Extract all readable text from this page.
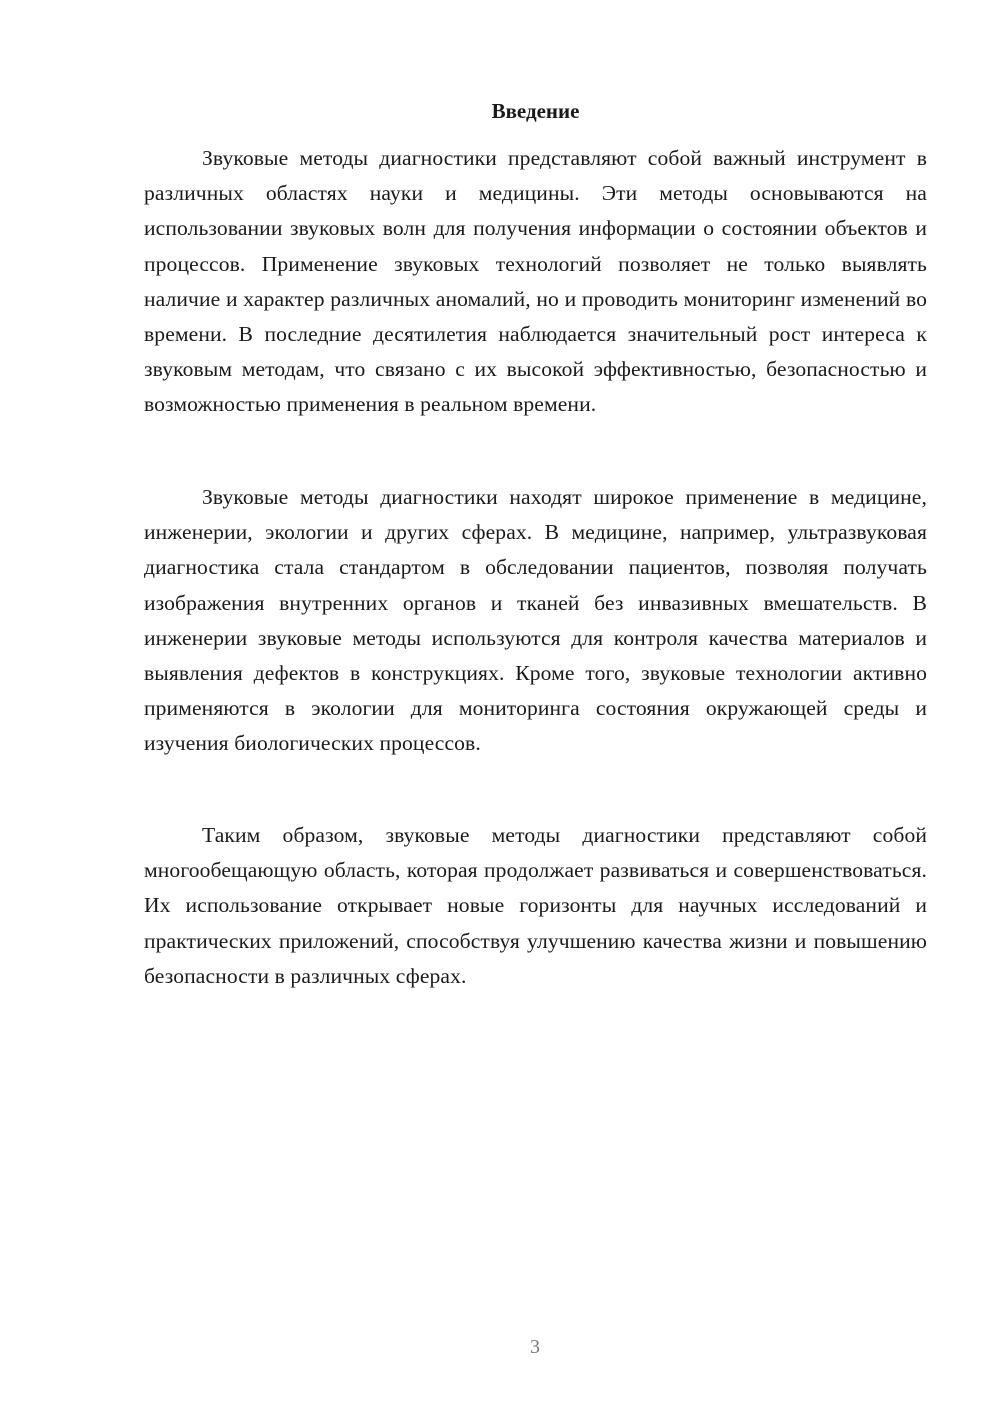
Введение

Звуковые методы диагностики представляют собой важный инструмент в различных областях науки и медицины. Эти методы основываются на использовании звуковых волн для получения информации о состоянии объектов и процессов. Применение звуковых технологий позволяет не только выявлять наличие и характер различных аномалий, но и проводить мониторинг изменений во времени. В последние десятилетия наблюдается значительный рост интереса к звуковым методам, что связано с их высокой эффективностью, безопасностью и возможностью применения в реальном времени.

Звуковые методы диагностики находят широкое применение в медицине, инженерии, экологии и других сферах. В медицине, например, ультразвуковая диагностика стала стандартом в обследовании пациентов, позволяя получать изображения внутренних органов и тканей без инвазивных вмешательств. В инженерии звуковые методы используются для контроля качества материалов и выявления дефектов в конструкциях. Кроме того, звуковые технологии активно применяются в экологии для мониторинга состояния окружающей среды и изучения биологических процессов.

Таким образом, звуковые методы диагностики представляют собой многообещающую область, которая продолжает развиваться и совершенствоваться. Их использование открывает новые горизонты для научных исследований и практических приложений, способствуя улучшению качества жизни и повышению безопасности в различных сферах.

3
